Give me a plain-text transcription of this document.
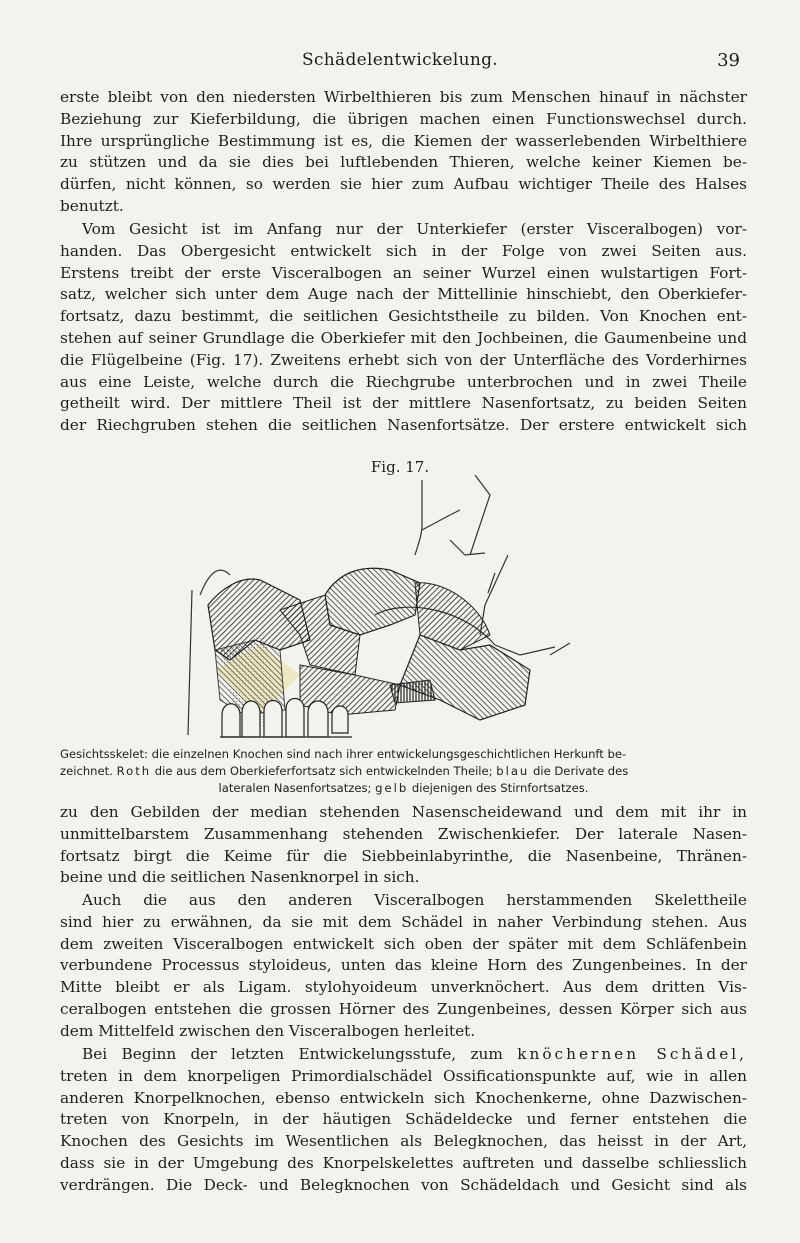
Schädelentwickelung.	39

erste bleibt von den niedersten Wirbelthieren bis zum Menschen hinauf in nächster
Beziehung zur Kieferbildung, die übrigen machen einen Functionswechsel durch.
Ihre ursprüngliche Bestimmung ist es, die Kiemen der wasserlebenden Wirbelthiere
zu stützen und da sie dies bei luftlebenden Thieren, welche keiner Kiemen be-
dürfen, nicht können, so werden sie hier zum Aufbau wichtiger Theile des Halses
benutzt.

Vom Gesicht ist im Anfang nur der Unterkiefer (erster Visceralbogen) vor-
handen. Das Obergesicht entwickelt sich in der Folge von zwei Seiten aus.
Erstens treibt der erste Visceralbogen an seiner Wurzel einen wulstartigen Fort-
satz, welcher sich unter dem Auge nach der Mittellinie hinschiebt, den Oberkiefer-
fortsatz, dazu bestimmt, die seitlichen Gesichtstheile zu bilden. Von Knochen ent-
stehen auf seiner Grundlage die Oberkiefer mit den Jochbeinen, die Gaumenbeine und
die Flügelbeine (Fig. 17). Zweitens erhebt sich von der Unterfläche des Vorderhirnes
aus eine Leiste, welche durch die Riechgrube unterbrochen und in zwei Theile
getheilt wird. Der mittlere Theil ist der mittlere Nasenfortsatz, zu beiden Seiten
der Riechgruben stehen die seitlichen Nasenfortsätze. Der erstere entwickelt sich

Fig. 17.
Gesichtsskelet: die einzelnen Knochen sind nach ihrer entwickelungsgeschichtlichen Herkunft be-
zeichnet. Roth die aus dem Oberkieferfortsatz sich entwickelnden Theile; blau die Derivate des
lateralen Nasenfortsatzes; gelb diejenigen des Stirnfortsatzes.

zu den Gebilden der median stehenden Nasenscheidewand und dem mit ihr in
unmittelbarstem Zusammenhang stehenden Zwischenkiefer. Der laterale Nasen-
fortsatz birgt die Keime für die Siebbeinlabyrinthe, die Nasenbeine, Thränen-
beine und die seitlichen Nasenknorpel in sich.

Auch die aus den anderen Visceralbogen herstammenden Skelettheile
sind hier zu erwähnen, da sie mit dem Schädel in naher Verbindung stehen. Aus
dem zweiten Visceralbogen entwickelt sich oben der später mit dem Schläfenbein
verbundene Processus styloideus, unten das kleine Horn des Zungenbeines. In der
Mitte bleibt er als Ligam. stylohyoideum unverknöchert. Aus dem dritten Vis-
ceralbogen entstehen die grossen Hörner des Zungenbeines, dessen Körper sich aus
dem Mittelfeld zwischen den Visceralbogen herleitet.

Bei Beginn der letzten Entwickelungsstufe, zum knöchernen Schädel,
treten in dem knorpeligen Primordialschädel Ossificationspunkte auf, wie in allen
anderen Knorpelknochen, ebenso entwickeln sich Knochenkerne, ohne Dazwischen-
treten von Knorpeln, in der häutigen Schädeldecke und ferner entstehen die
Knochen des Gesichts im Wesentlichen als Belegknochen, das heisst in der Art,
dass sie in der Umgebung des Knorpelskelettes auftreten und dasselbe schliesslich
verdrängen. Die Deck- und Belegknochen von Schädeldach und Gesicht sind als
